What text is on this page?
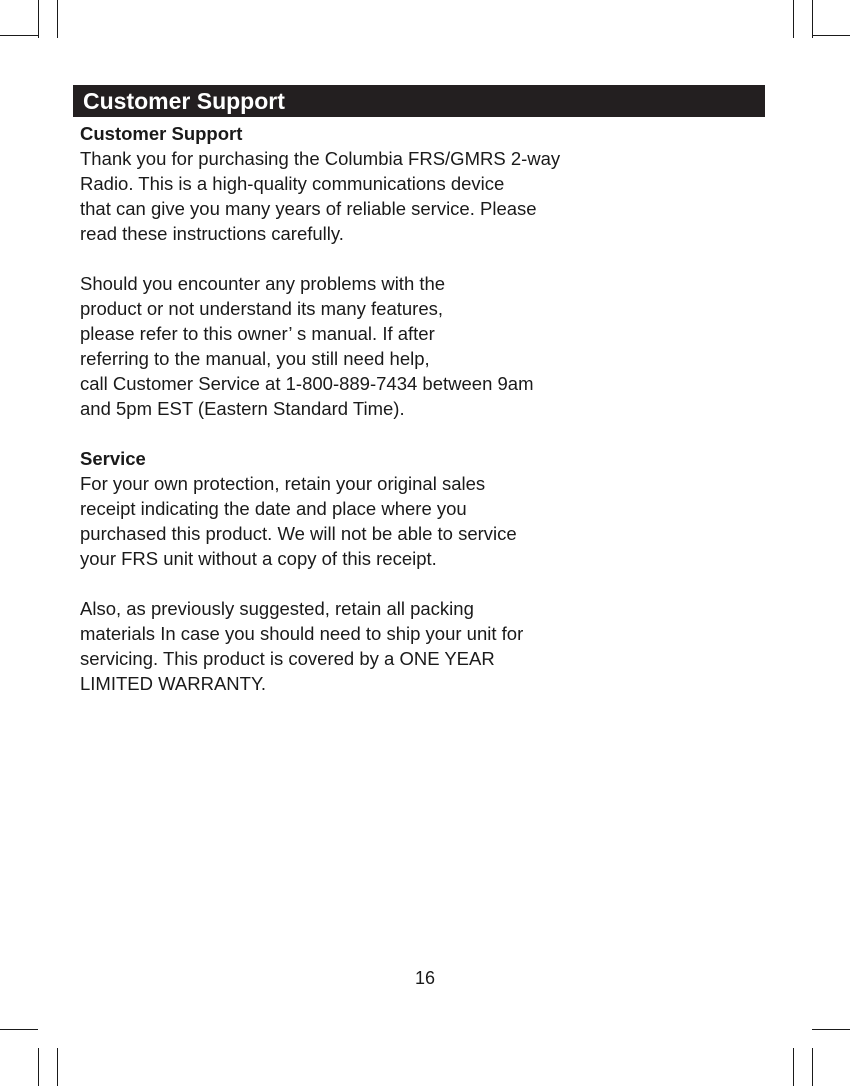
Customer Support

Customer Support

Thank you for purchasing the Columbia FRS/GMRS 2-way

Radio. This is a high-quality communications device

that can give you many years of reliable service. Please

read these instructions carefully.

Should you encounter any problems with the

product or not understand its many features,

please refer to this owner’ s manual. If after

referring to the manual, you still need help,

call Customer Service at 1-800-889-7434 between 9am

and 5pm EST (Eastern Standard Time).

Service

For your own protection, retain your original sales

receipt indicating the date and place where you

purchased this product. We will not be able to service

your FRS unit without a copy of this receipt.

Also, as previously suggested, retain all packing

materials In case you should need to ship your unit for

servicing. This product is covered by a ONE YEAR

LIMITED WARRANTY.

16
